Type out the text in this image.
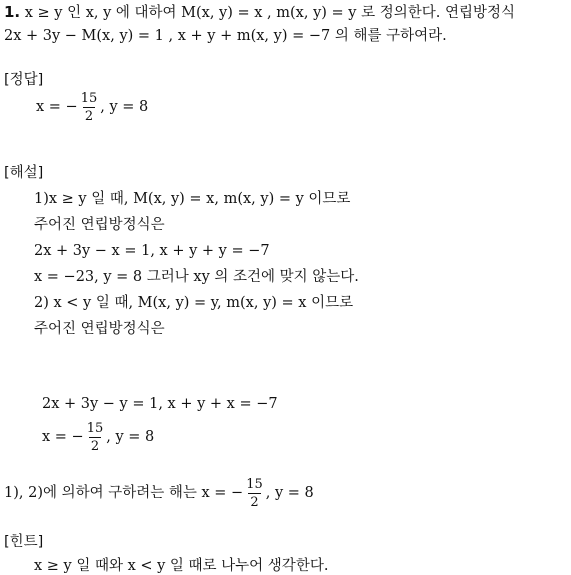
1. x ≥ y 인 x, y 에 대하여 M(x, y) = x , m(x, y) = y 로 정의한다. 연립방정식
2x + 3y − M(x, y) = 1 , x + y + m(x, y) = −7 의 해를 구하여라.
[정답]
x = − $\frac{15}{2}$ , y = 8
[해설]
1)x ≥ y 일 때, M(x, y) = x, m(x, y) = y 이므로
주어진 연립방정식은
2x + 3y − x = 1, x + y + y = −7
x = −23, y = 8 그러나 xy 의 조건에 맞지 않는다.
2) x < y 일 때, M(x, y) = y, m(x, y) = x 이므로
주어진 연립방정식은
2x + 3y − y = 1, x + y + x = −7
x = − $\frac{15}{2}$ , y = 8
1), 2)에 의하여 구하려는 해는 x = − $\frac{15}{2}$ , y = 8
[힌트]
x ≥ y 일 때와 x < y 일 때로 나누어 생각한다.
